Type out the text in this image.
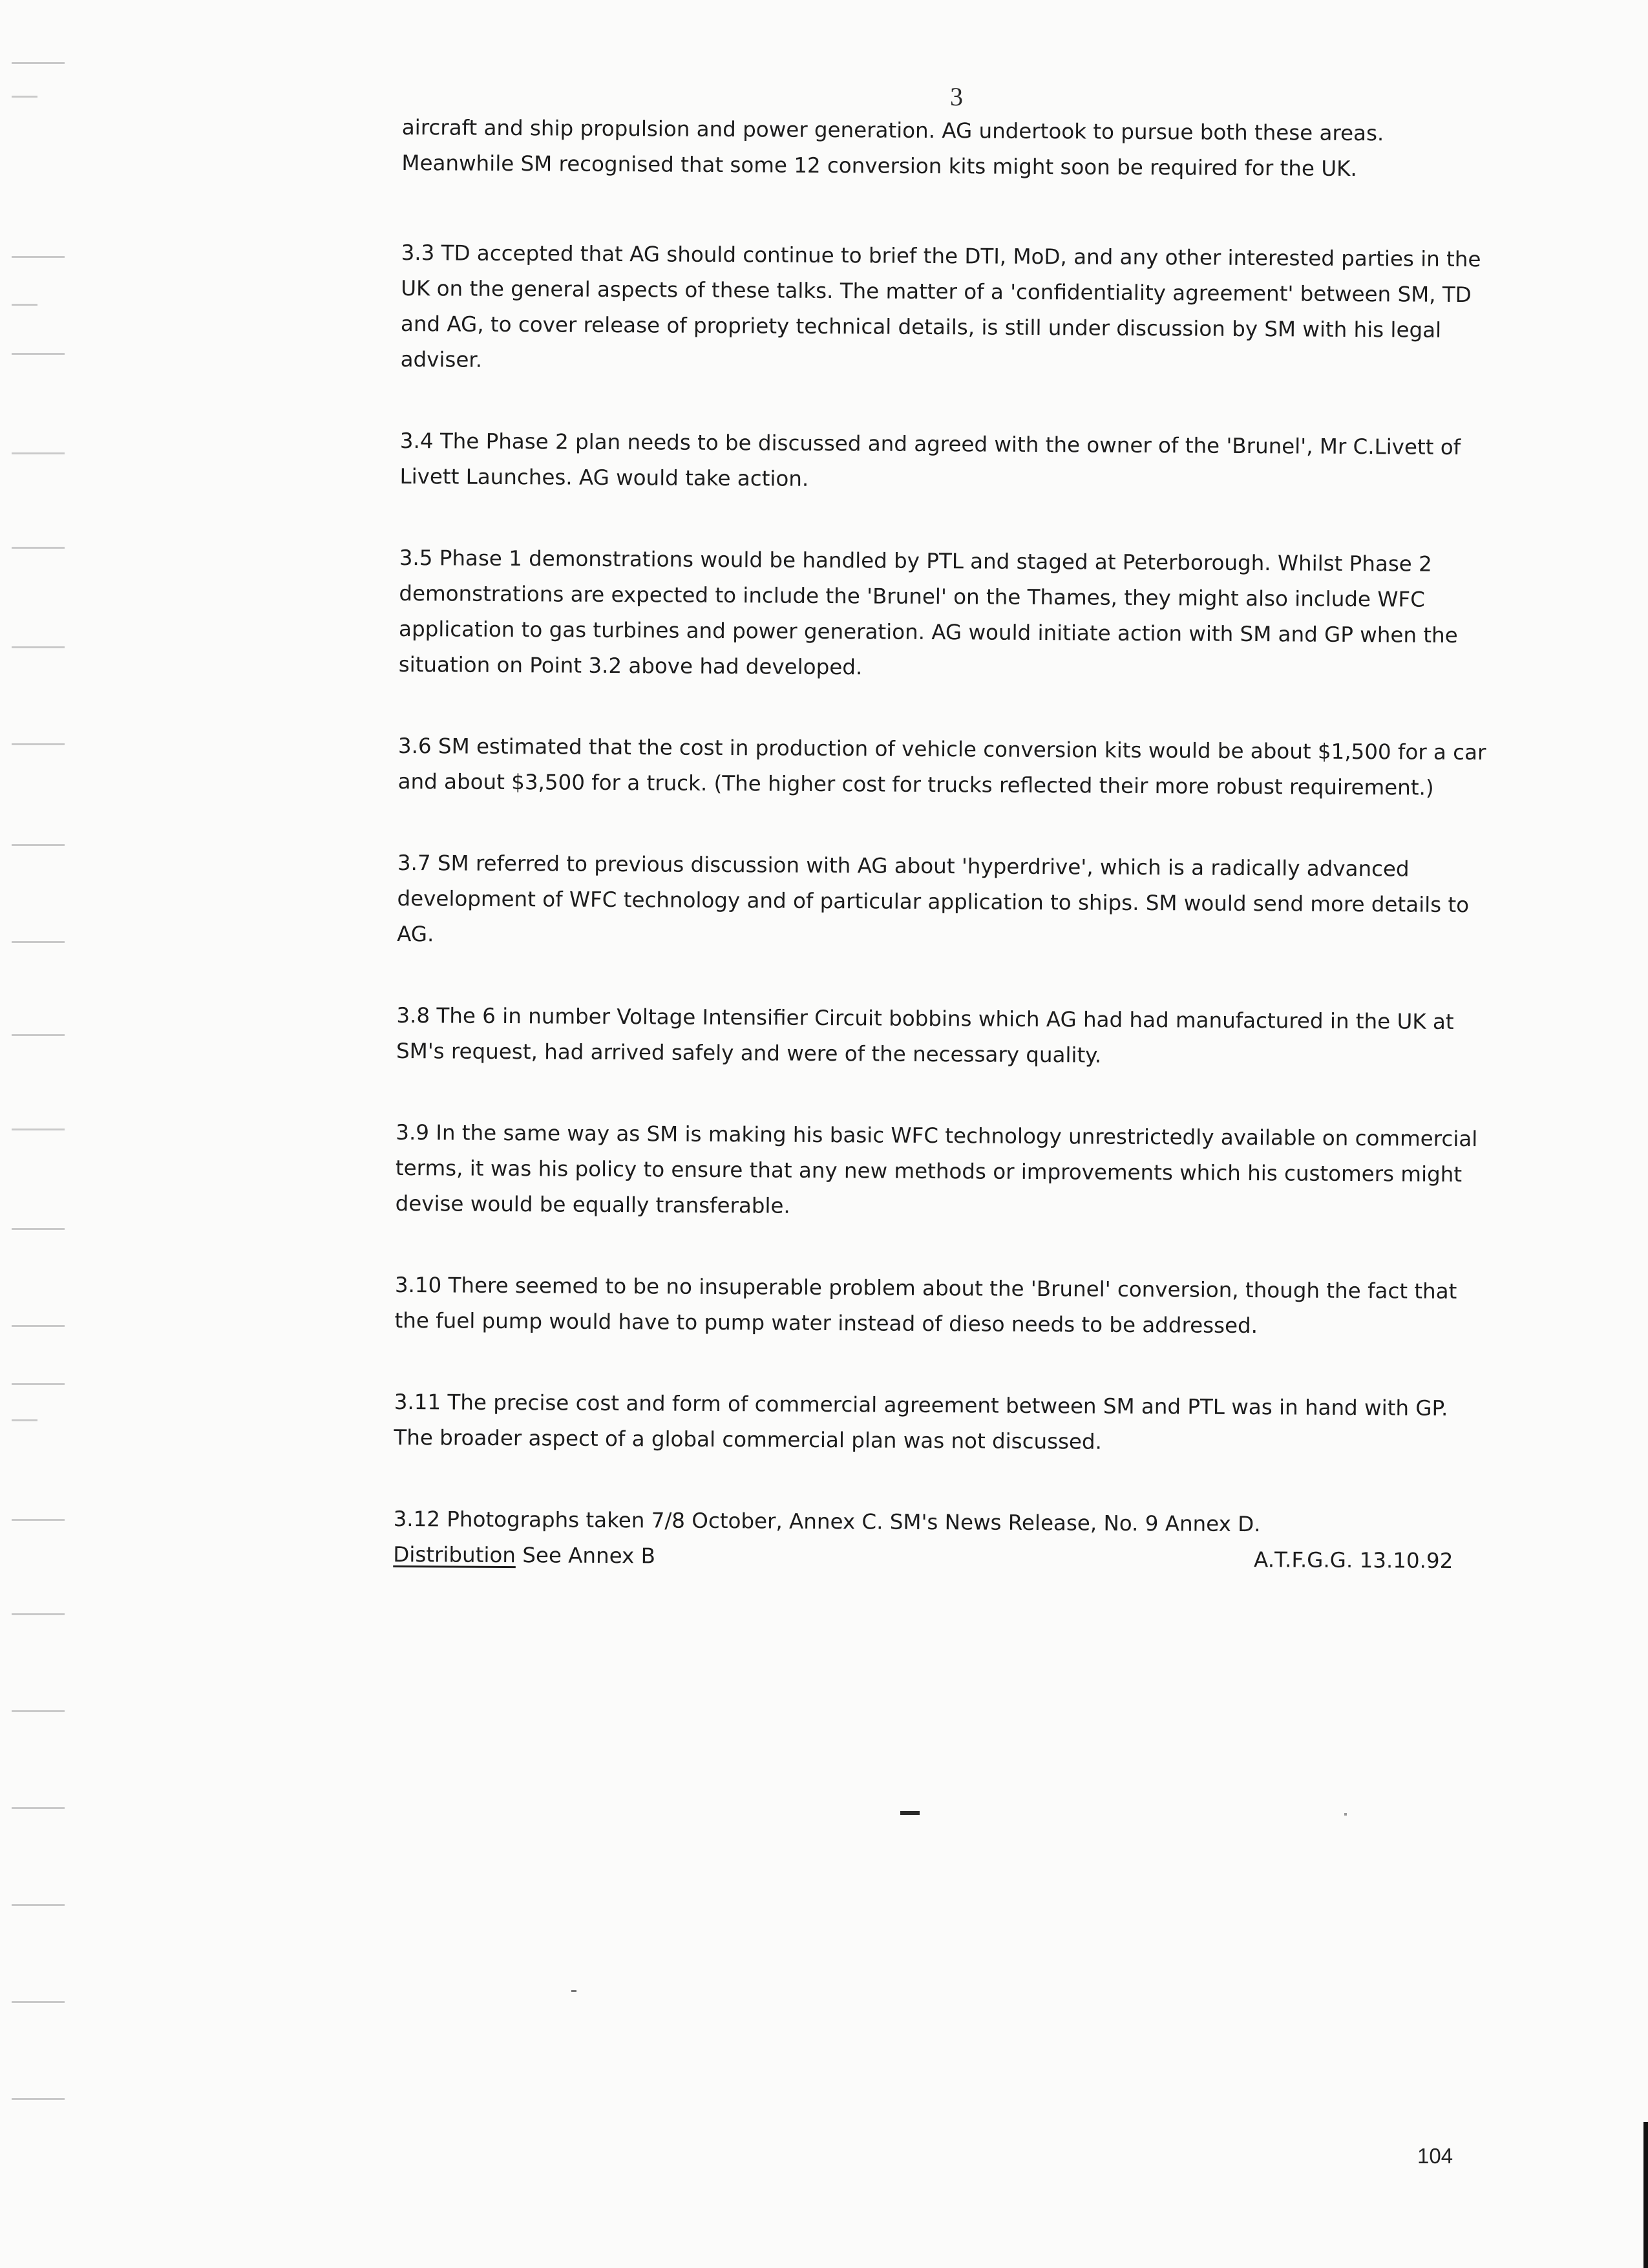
3

aircraft and ship propulsion and power generation. AG undertook to pursue both these areas. Meanwhile SM recognised that some 12 conversion kits might soon be required for the UK.

3.3 TD accepted that AG should continue to brief the DTI, MoD, and any other interested parties in the UK on the general aspects of these talks. The matter of a 'confidentiality agreement' between SM, TD and AG, to cover release of propriety technical details, is still under discussion by SM with his legal adviser.

3.4 The Phase 2 plan needs to be discussed and agreed with the owner of the 'Brunel', Mr C.Livett of Livett Launches. AG would take action.

3.5 Phase 1 demonstrations would be handled by PTL and staged at Peterborough. Whilst Phase 2 demonstrations are expected to include the 'Brunel' on the Thames, they might also include WFC application to gas turbines and power generation. AG would initiate action with SM and GP when the situation on Point 3.2 above had developed.

3.6 SM estimated that the cost in production of vehicle conversion kits would be about $1,500 for a car and about $3,500 for a truck. (The higher cost for trucks reflected their more robust requirement.)

3.7 SM referred to previous discussion with AG about 'hyperdrive', which is a radically advanced development of WFC technology and of particular application to ships. SM would send more details to AG.

3.8 The 6 in number Voltage Intensifier Circuit bobbins which AG had had manufactured in the UK at SM's request, had arrived safely and were of the necessary quality.

3.9 In the same way as SM is making his basic WFC technology unrestrictedly available on commercial terms, it was his policy to ensure that any new methods or improvements which his customers might devise would be equally transferable.

3.10 There seemed to be no insuperable problem about the 'Brunel' conversion, though the fact that the fuel pump would have to pump water instead of dieso needs to be addressed.

3.11 The precise cost and form of commercial agreement between SM and PTL was in hand with GP. The broader aspect of a global commercial plan was not discussed.

3.12 Photographs taken 7/8 October, Annex C. SM's News Release, No. 9 Annex D.

Distribution See Annex B	A.T.F.G.G. 13.10.92
104
